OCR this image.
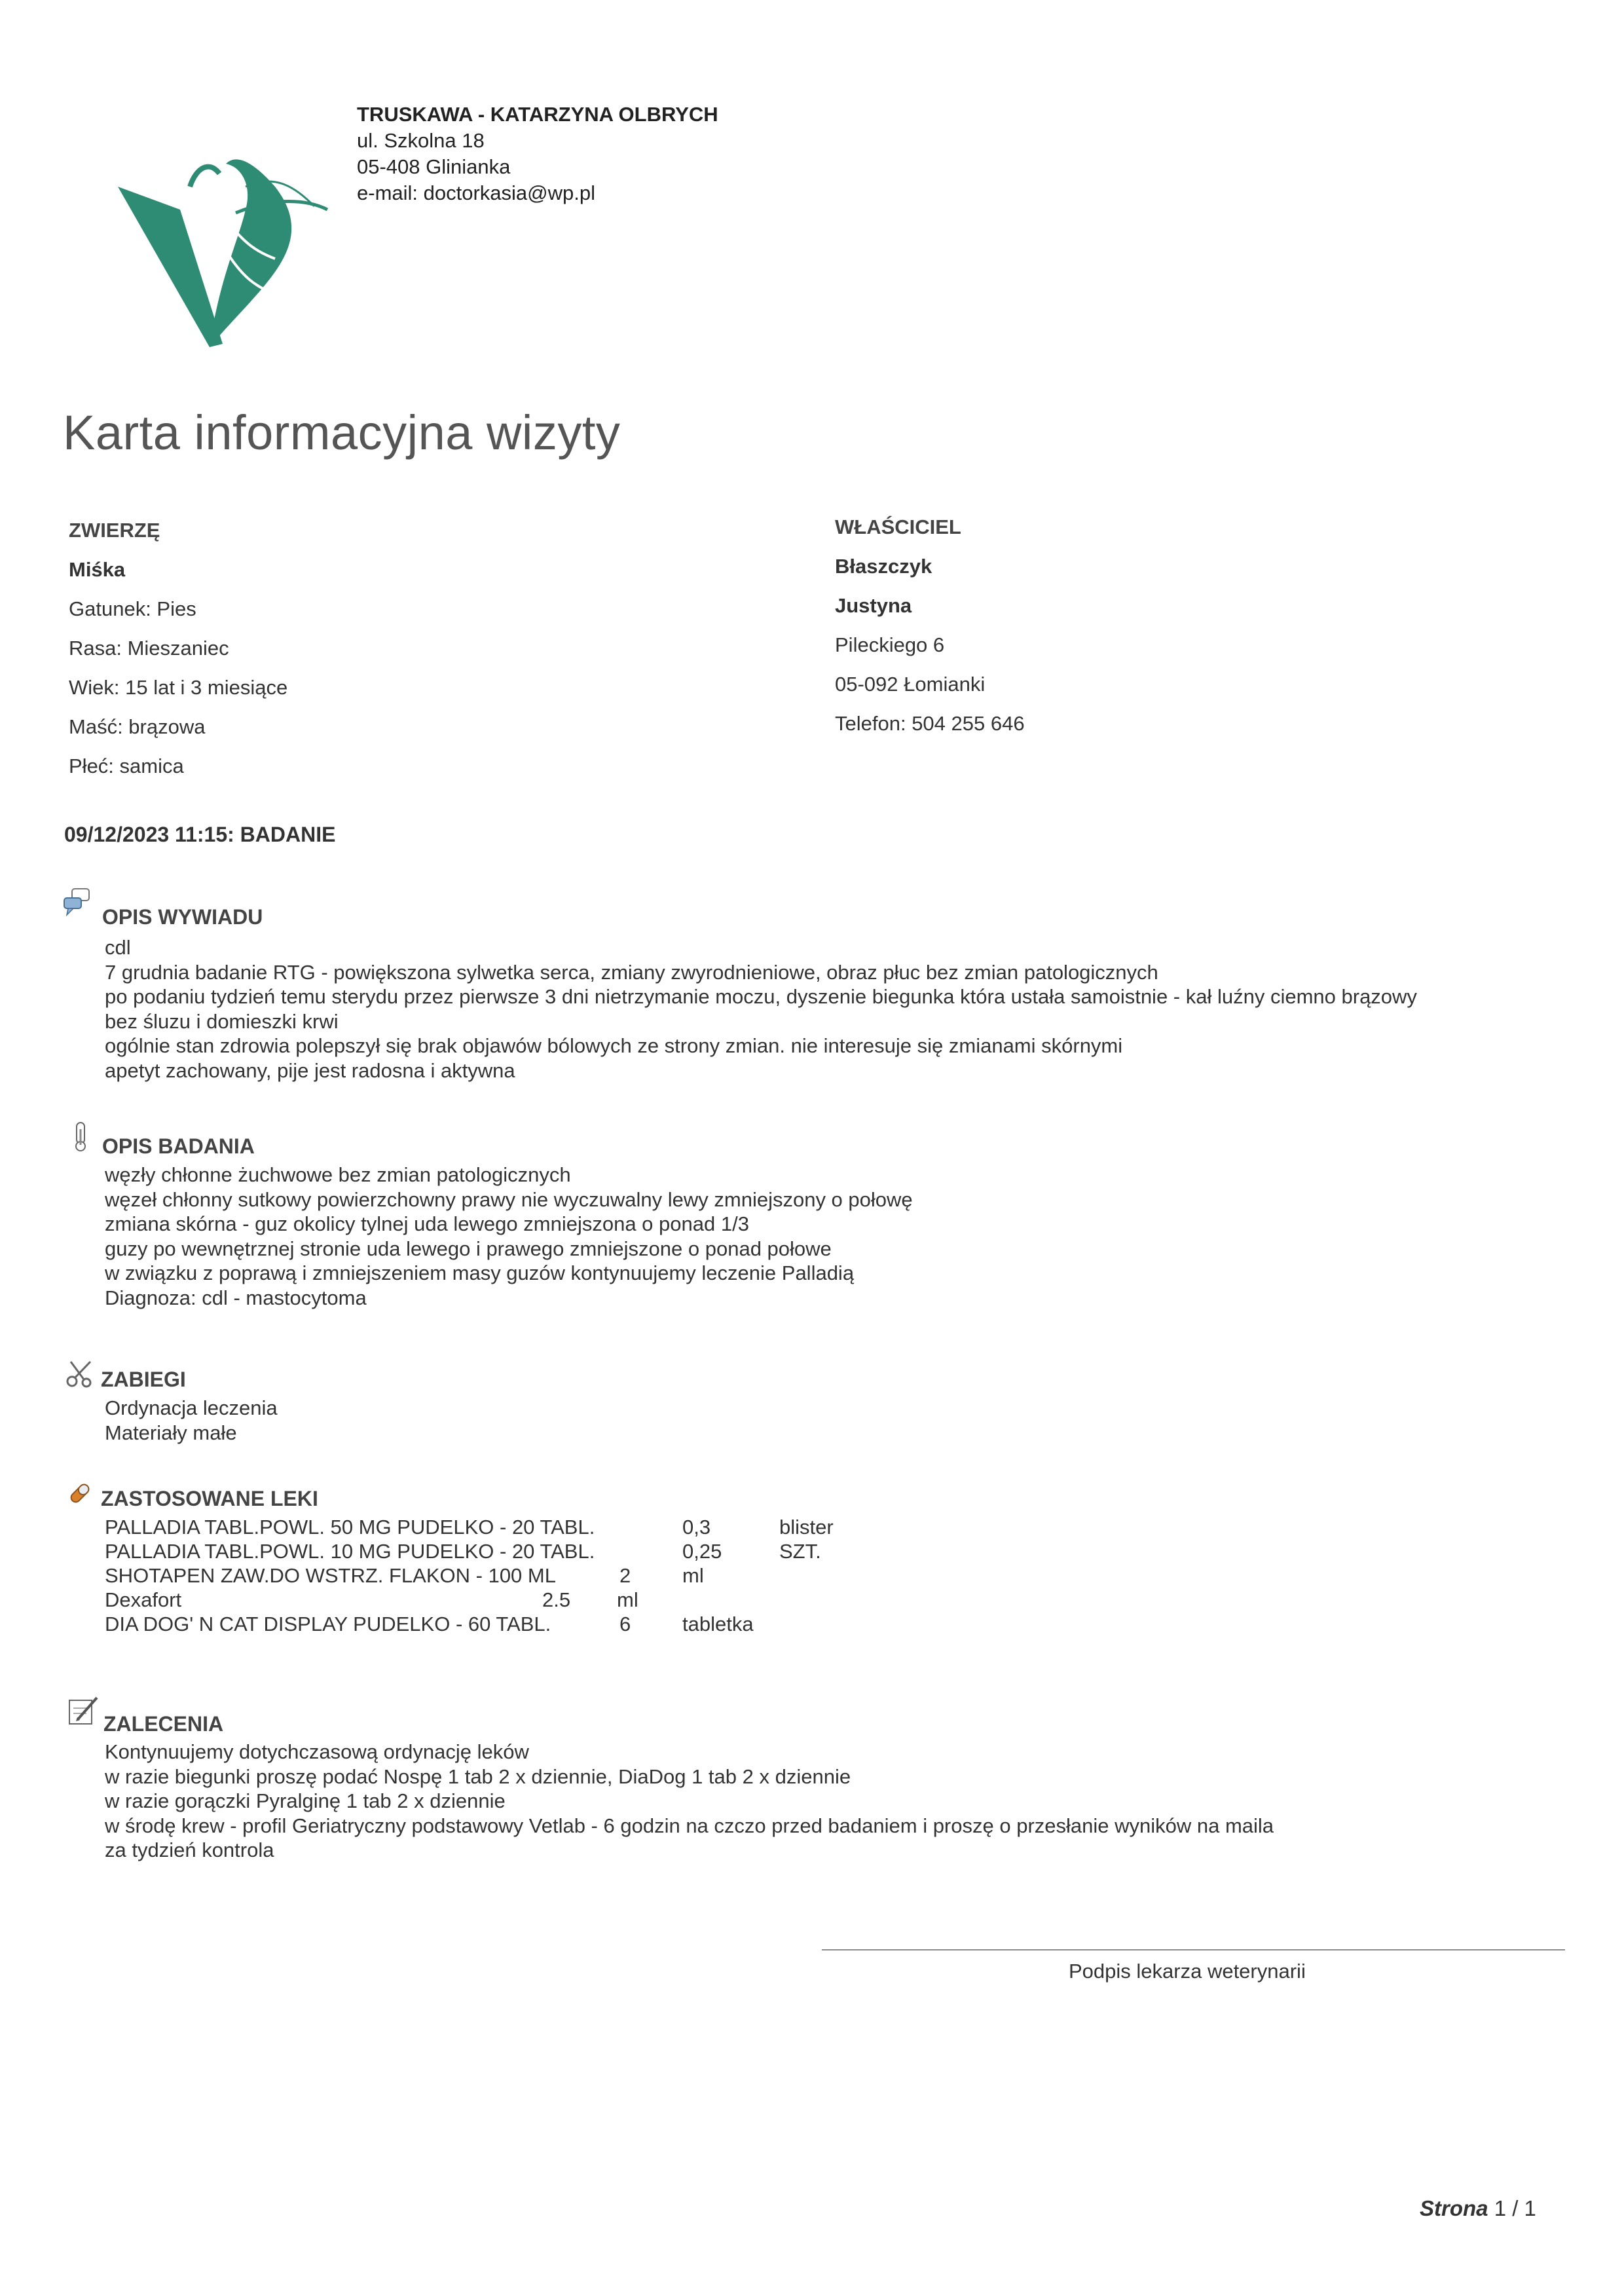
TRUSKAWA - KATARZYNA OLBRYCH
ul. Szkolna 18
05-408 Glinianka
e-mail: doctorkasia@wp.pl
Karta informacyjna wizyty
ZWIERZĘ
Miśka
Gatunek: Pies
Rasa: Mieszaniec
Wiek: 15 lat i 3 miesiące
Maść: brązowa
Płeć: samica
WŁAŚCICIEL
Błaszczyk
Justyna
Pileckiego 6
05-092 Łomianki
Telefon: 504 255 646
09/12/2023 11:15: BADANIE
OPIS WYWIADU
cdl
7 grudnia badanie RTG - powiększona sylwetka serca, zmiany zwyrodnieniowe, obraz płuc bez zmian patologicznych
po podaniu tydzień temu sterydu przez pierwsze 3 dni nietrzymanie moczu, dyszenie biegunka która ustała samoistnie - kał luźny ciemno brązowy
bez śluzu i domieszki krwi
ogólnie stan zdrowia polepszył się brak objawów bólowych ze strony zmian. nie interesuje się zmianami skórnymi
apetyt zachowany, pije jest radosna i aktywna
OPIS BADANIA
węzły chłonne żuchwowe bez zmian patologicznych
węzeł chłonny sutkowy powierzchowny prawy nie wyczuwalny lewy zmniejszony o połowę
zmiana skórna - guz okolicy tylnej uda lewego zmniejszona o ponad 1/3
guzy po wewnętrznej stronie uda lewego i prawego zmniejszone o ponad połowe
w związku z poprawą i zmniejszeniem masy guzów kontynuujemy leczenie Palladią
Diagnoza: cdl - mastocytoma
ZABIEGI
Ordynacja leczenia
Materiały małe
ZASTOSOWANE LEKI
PALLADIA TABL.POWL. 50 MG PUDELKO - 20 TABL.	0,3	blister
PALLADIA TABL.POWL. 10 MG PUDELKO - 20 TABL.	0,25	SZT.
SHOTAPEN ZAW.DO WSTRZ. FLAKON - 100 ML	2	ml
Dexafort	2.5 ml
DIA DOG' N CAT DISPLAY PUDELKO - 60 TABL.	6	tabletka
ZALECENIA
Kontynuujemy dotychczasową ordynację leków
w razie biegunki proszę podać Nospę 1 tab 2 x dziennie, DiaDog 1 tab 2 x dziennie
w razie gorączki Pyralginę 1 tab 2 x dziennie
w środę krew - profil Geriatryczny podstawowy Vetlab - 6 godzin na czczo przed badaniem i proszę o przesłanie wyników na maila
za tydzień kontrola
Podpis lekarza weterynarii
Strona 1 / 1
